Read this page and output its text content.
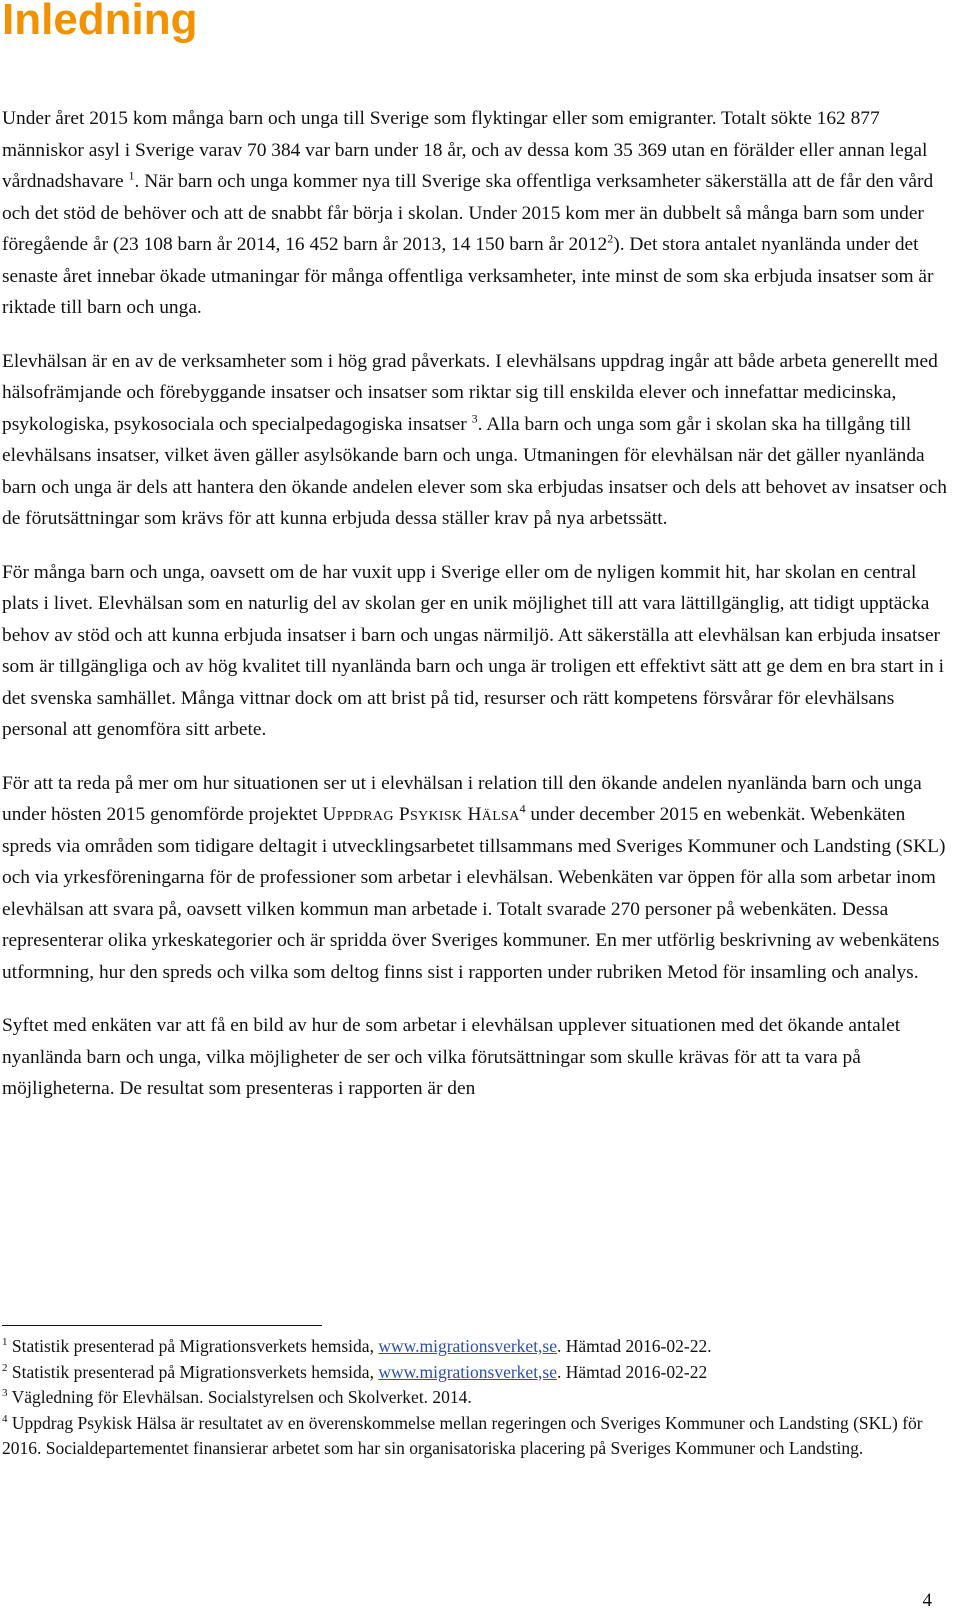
Inledning

Under året 2015 kom många barn och unga till Sverige som flyktingar eller som emigranter. Totalt sökte 162 877 människor asyl i Sverige varav 70 384 var barn under 18 år, och av dessa kom 35 369 utan en förälder eller annan legal vårdnadshavare $^1$. När barn och unga kommer nya till Sverige ska offentliga verksamheter säkerställa att de får den vård och det stöd de behöver och att de snabbt får börja i skolan. Under 2015 kom mer än dubbelt så många barn som under föregående år (23 108 barn år 2014, 16 452 barn år 2013, 14 150 barn år 2012$^2$). Det stora antalet nyanlända under det senaste året innebar ökade utmaningar för många offentliga verksamheter, inte minst de som ska erbjuda insatser som är riktade till barn och unga.

Elevhälsan är en av de verksamheter som i hög grad påverkats. I elevhälsans uppdrag ingår att både arbeta generellt med hälsofrämjande och förebyggande insatser och insatser som riktar sig till enskilda elever och innefattar medicinska, psykologiska, psykosociala och specialpedagogiska insatser $^3$. Alla barn och unga som går i skolan ska ha tillgång till elevhälsans insatser, vilket även gäller asylsökande barn och unga. Utmaningen för elevhälsan när det gäller nyanlända barn och unga är dels att hantera den ökande andelen elever som ska erbjudas insatser och dels att behovet av insatser och de förutsättningar som krävs för att kunna erbjuda dessa ställer krav på nya arbetssätt.

För många barn och unga, oavsett om de har vuxit upp i Sverige eller om de nyligen kommit hit, har skolan en central plats i livet. Elevhälsan som en naturlig del av skolan ger en unik möjlighet till att vara lättillgänglig, att tidigt upptäcka behov av stöd och att kunna erbjuda insatser i barn och ungas närmiljö. Att säkerställa att elevhälsan kan erbjuda insatser som är tillgängliga och av hög kvalitet till nyanlända barn och unga är troligen ett effektivt sätt att ge dem en bra start in i det svenska samhället. Många vittnar dock om att brist på tid, resurser och rätt kompetens försvårar för elevhälsans personal att genomföra sitt arbete.

För att ta reda på mer om hur situationen ser ut i elevhälsan i relation till den ökande andelen nyanlända barn och unga under hösten 2015 genomförde projektet Uppdrag Psykisk Hälsa$^4$ under december 2015 en webenkät. Webenkäten spreds via områden som tidigare deltagit i utvecklingsarbetet tillsammans med Sveriges Kommuner och Landsting (SKL) och via yrkesföreningarna för de professioner som arbetar i elevhälsan. Webenkäten var öppen för alla som arbetar inom elevhälsan att svara på, oavsett vilken kommun man arbetade i. Totalt svarade 270 personer på webenkäten. Dessa representerar olika yrkeskategorier och är spridda över Sveriges kommuner. En mer utförlig beskrivning av webenkätens utformning, hur den spreds och vilka som deltog finns sist i rapporten under rubriken Metod för insamling och analys.

Syftet med enkäten var att få en bild av hur de som arbetar i elevhälsan upplever situationen med det ökande antalet nyanlända barn och unga, vilka möjligheter de ser och vilka förutsättningar som skulle krävas för att ta vara på möjligheterna. De resultat som presenteras i rapporten är den

$^1$ Statistik presenterad på Migrationsverkets hemsida, www.migrationsverket,se. Hämtad 2016-02-22.

$^2$ Statistik presenterad på Migrationsverkets hemsida, www.migrationsverket,se. Hämtad 2016-02-22

$^3$ Vägledning för Elevhälsan. Socialstyrelsen och Skolverket. 2014.

$^4$ Uppdrag Psykisk Hälsa är resultatet av en överenskommelse mellan regeringen och Sveriges Kommuner och Landsting (SKL) för 2016. Socialdepartementet finansierar arbetet som har sin organisatoriska placering på Sveriges Kommuner och Landsting.

4
